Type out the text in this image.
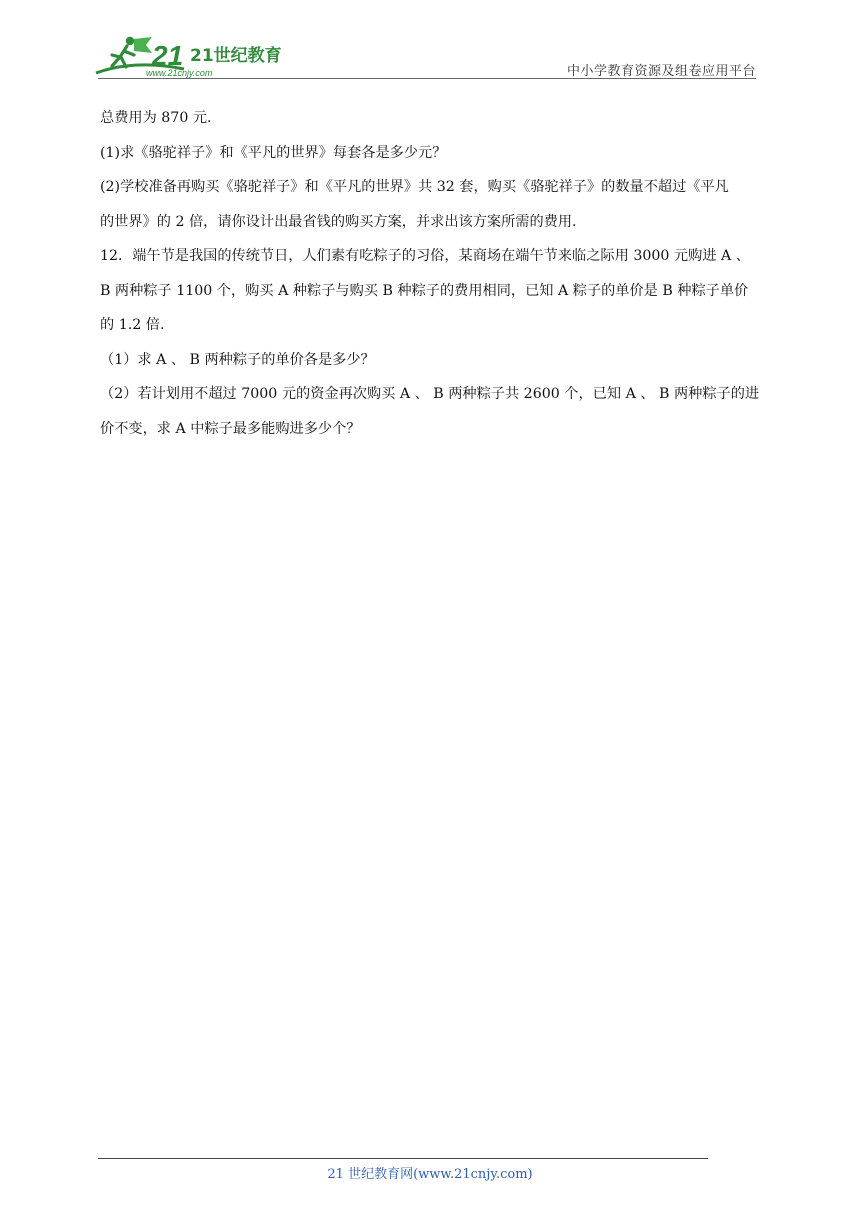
21 21世纪教育
www.21cnjy.com	中小学教育资源及组卷应用平台
总费用为 870 元.
(1)求《骆驼祥子》和《平凡的世界》每套各是多少元？
(2)学校准备再购买《骆驼祥子》和《平凡的世界》共 32 套，购买《骆驼祥子》的数量不超过《平凡
的世界》的 2 倍，请你设计出最省钱的购买方案，并求出该方案所需的费用.
12．端午节是我国的传统节日，人们素有吃粽子的习俗，某商场在端午节来临之际用 3000 元购进 A 、
B 两种粽子 1100 个，购买 A 种粽子与购买 B 种粽子的费用相同，已知 A 粽子的单价是 B 种粽子单价
的 1.2 倍.
（1）求 A 、 B 两种粽子的单价各是多少？
（2）若计划用不超过 7000 元的资金再次购买 A 、 B 两种粽子共 2600 个，已知 A 、 B 两种粽子的进
价不变，求 A 中粽子最多能购进多少个？
21 世纪教育网(www.21cnjy.com)
